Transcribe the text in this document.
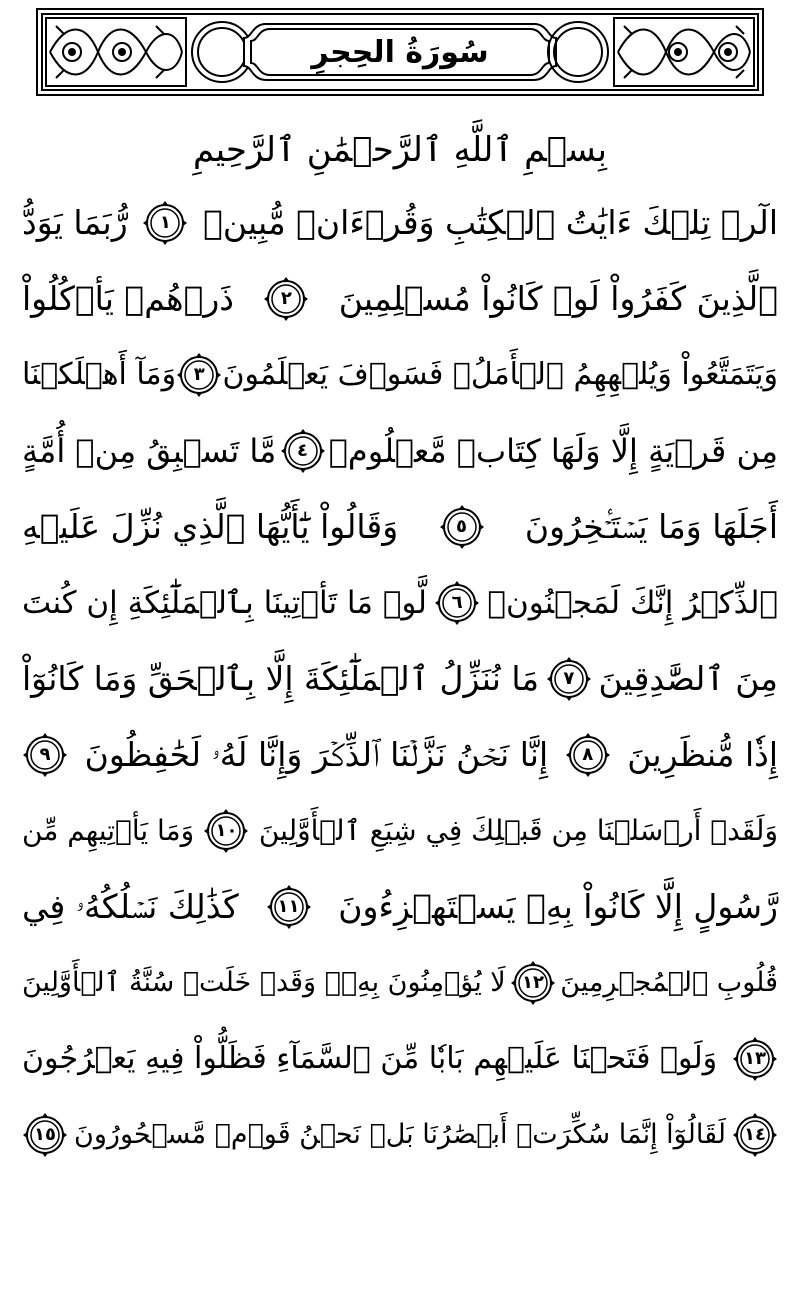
سُورَةُ الحِجرِ
بِسۡمِ ٱللَّهِ ٱلرَّحۡمَٰنِ ٱلرَّحِيمِ
الٓرۚ تِلۡكَ ءَايَٰتُ ٱلۡكِتَٰبِ وَقُرۡءَانٖ مُّبِينٖ
١
رُّبَمَا يَوَدُّ
ٱلَّذِينَ كَفَرُواْ لَوۡ كَانُواْ مُسۡلِمِينَ
٢
ذَرۡهُمۡ يَأۡكُلُواْ
وَيَتَمَتَّعُواْ وَيُلۡهِهِمُ ٱلۡأَمَلُۖ فَسَوۡفَ يَعۡلَمُونَ
٣
وَمَآ أَهۡلَكۡنَا
مِن قَرۡيَةٍ إِلَّا وَلَهَا كِتَابٞ مَّعۡلُومٞ
٤
مَّا تَسۡبِقُ مِنۡ أُمَّةٍ
أَجَلَهَا وَمَا يَسۡتَـٔۡخِرُونَ
٥
وَقَالُواْ يَٰٓأَيُّهَا ٱلَّذِي نُزِّلَ عَلَيۡهِ
ٱلذِّكۡرُ إِنَّكَ لَمَجۡنُونٞ
٦
لَّوۡ مَا تَأۡتِينَا بِٱلۡمَلَٰٓئِكَةِ إِن كُنتَ
مِنَ ٱلصَّٰدِقِينَ
٧
مَا نُنَزِّلُ ٱلۡمَلَٰٓئِكَةَ إِلَّا بِٱلۡحَقِّ وَمَا كَانُوٓاْ
إِذٗا مُّنظَرِينَ
٨
إِنَّا نَحۡنُ نَزَّلۡنَا ٱلذِّكۡرَ وَإِنَّا لَهُۥ لَحَٰفِظُونَ
٩
وَلَقَدۡ أَرۡسَلۡنَا مِن قَبۡلِكَ فِي شِيَعِ ٱلۡأَوَّلِينَ
١٠
وَمَا يَأۡتِيهِم مِّن
رَّسُولٍ إِلَّا كَانُواْ بِهِۦ يَسۡتَهۡزِءُونَ
١١
كَذَٰلِكَ نَسۡلُكُهُۥ فِي
قُلُوبِ ٱلۡمُجۡرِمِينَ
١٢
لَا يُؤۡمِنُونَ بِهِۦۖ وَقَدۡ خَلَتۡ سُنَّةُ ٱلۡأَوَّلِينَ
١٣
وَلَوۡ فَتَحۡنَا عَلَيۡهِم بَابٗا مِّنَ ٱلسَّمَآءِ فَظَلُّواْ فِيهِ يَعۡرُجُونَ
١٤
لَقَالُوٓاْ إِنَّمَا سُكِّرَتۡ أَبۡصَٰرُنَا بَلۡ نَحۡنُ قَوۡمٞ مَّسۡحُورُونَ
١٥
